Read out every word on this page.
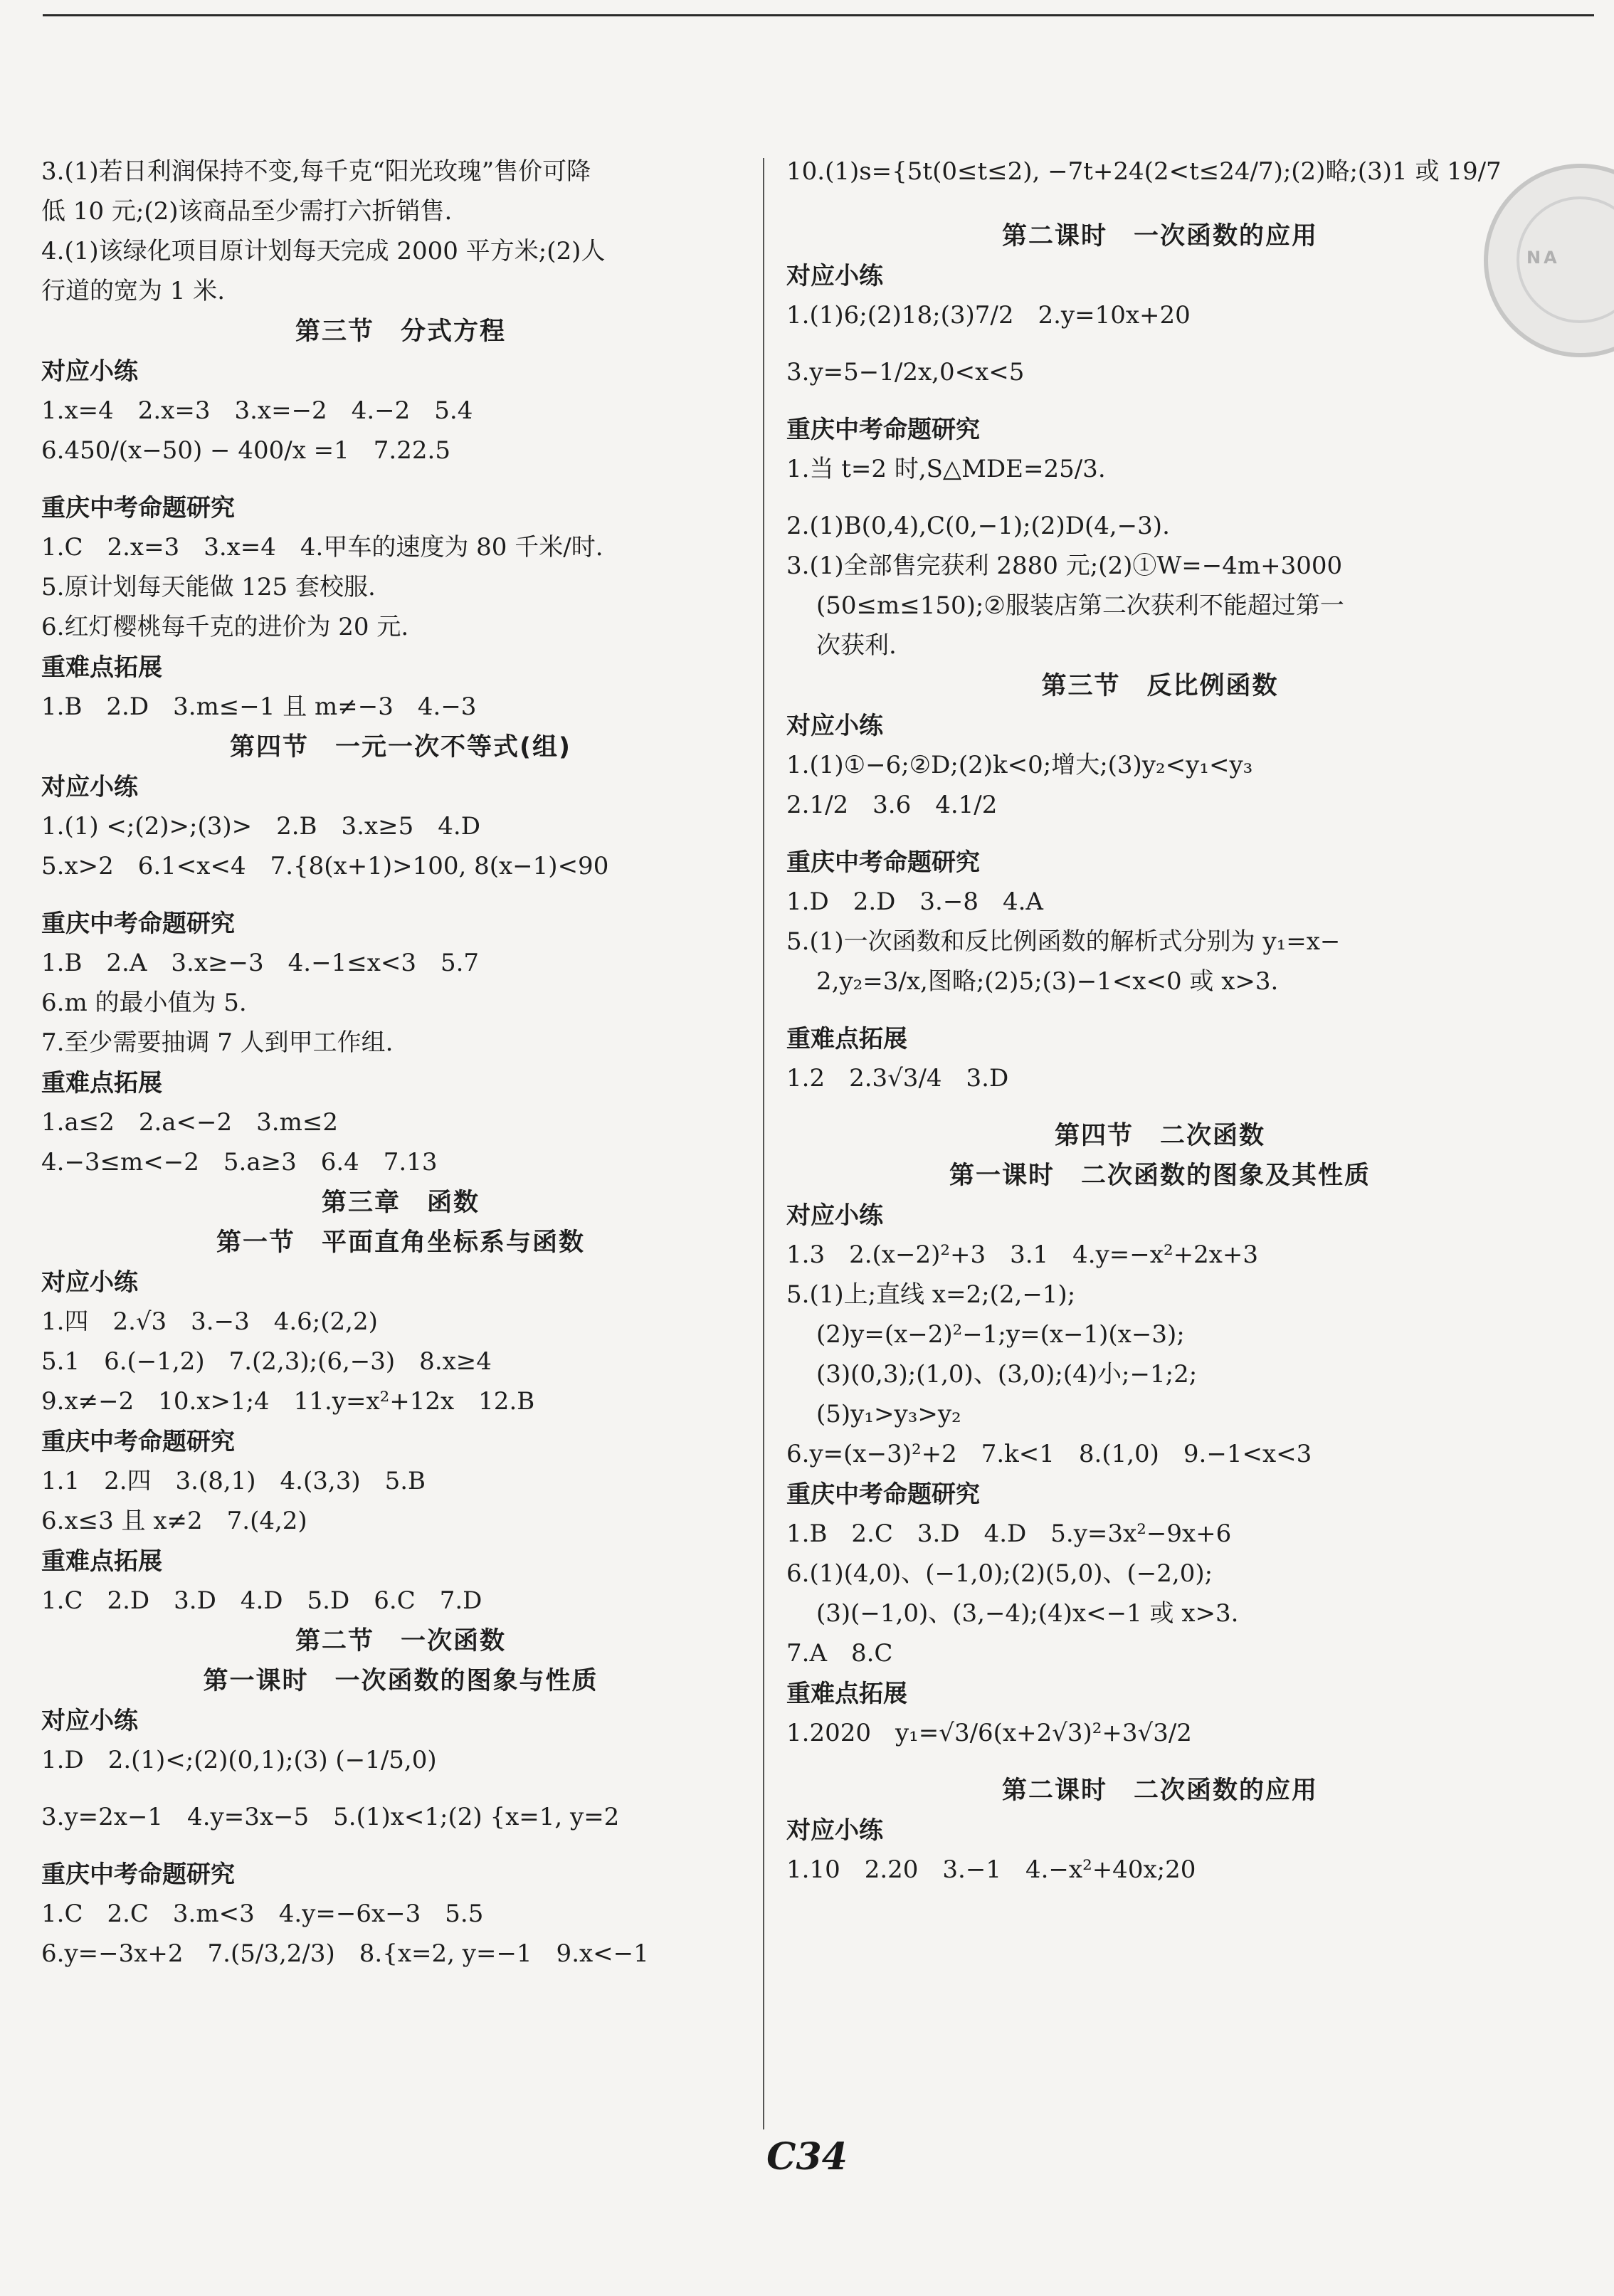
NA
3.(1)若日利润保持不变,每千克“阳光玫瑰”售价可降
低 10 元;(2)该商品至少需打六折销售.
4.(1)该绿化项目原计划每天完成 2000 平方米;(2)人
行道的宽为 1 米.
第三节　分式方程
对应小练
1.x=4　2.x=3　3.x=−2　4.−2　5.4
6.450/(x−50) − 400/x =1　7.22.5
重庆中考命题研究
1.C　2.x=3　3.x=4　4.甲车的速度为 80 千米/时.
5.原计划每天能做 125 套校服.
6.红灯樱桃每千克的进价为 20 元.
重难点拓展
1.B　2.D　3.m≤−1 且 m≠−3　4.−3
第四节　一元一次不等式(组)
对应小练
1.(1) <;(2)>;(3)>　2.B　3.x≥5　4.D
5.x>2　6.1<x<4　7.{8(x+1)>100, 8(x−1)<90
重庆中考命题研究
1.B　2.A　3.x≥−3　4.−1≤x<3　5.7
6.m 的最小值为 5.
7.至少需要抽调 7 人到甲工作组.
重难点拓展
1.a≤2　2.a<−2　3.m≤2
4.−3≤m<−2　5.a≥3　6.4　7.13
第三章　函数
第一节　平面直角坐标系与函数
对应小练
1.四　2.√3　3.−3　4.6;(2,2)
5.1　6.(−1,2)　7.(2,3);(6,−3)　8.x≥4
9.x≠−2　10.x>1;4　11.y=x²+12x　12.B
重庆中考命题研究
1.1　2.四　3.(8,1)　4.(3,3)　5.B
6.x≤3 且 x≠2　7.(4,2)
重难点拓展
1.C　2.D　3.D　4.D　5.D　6.C　7.D
第二节　一次函数
第一课时　一次函数的图象与性质
对应小练
1.D　2.(1)<;(2)(0,1);(3) (−1/5,0)
3.y=2x−1　4.y=3x−5　5.(1)x<1;(2) {x=1, y=2
重庆中考命题研究
1.C　2.C　3.m<3　4.y=−6x−3　5.5
6.y=−3x+2　7.(5/3,2/3)　8.{x=2, y=−1　9.x<−1
10.(1)s={5t(0≤t≤2), −7t+24(2<t≤24/7);(2)略;(3)1 或 19/7
第二课时　一次函数的应用
对应小练
1.(1)6;(2)18;(3)7/2　2.y=10x+20
3.y=5−1/2x,0<x<5
重庆中考命题研究
1.当 t=2 时,S△MDE=25/3.
2.(1)B(0,4),C(0,−1);(2)D(4,−3).
3.(1)全部售完获利 2880 元;(2)①W=−4m+3000
(50≤m≤150);②服装店第二次获利不能超过第一
次获利.
第三节　反比例函数
对应小练
1.(1)①−6;②D;(2)k<0;增大;(3)y₂<y₁<y₃
2.1/2　3.6　4.1/2
重庆中考命题研究
1.D　2.D　3.−8　4.A
5.(1)一次函数和反比例函数的解析式分别为 y₁=x−
2,y₂=3/x,图略;(2)5;(3)−1<x<0 或 x>3.
重难点拓展
1.2　2.3√3/4　3.D
第四节　二次函数
第一课时　二次函数的图象及其性质
对应小练
1.3　2.(x−2)²+3　3.1　4.y=−x²+2x+3
5.(1)上;直线 x=2;(2,−1);
(2)y=(x−2)²−1;y=(x−1)(x−3);
(3)(0,3);(1,0)、(3,0);(4)小;−1;2;
(5)y₁>y₃>y₂
6.y=(x−3)²+2　7.k<1　8.(1,0)　9.−1<x<3
重庆中考命题研究
1.B　2.C　3.D　4.D　5.y=3x²−9x+6
6.(1)(4,0)、(−1,0);(2)(5,0)、(−2,0);
(3)(−1,0)、(3,−4);(4)x<−1 或 x>3.
7.A　8.C
重难点拓展
1.2020　y₁=√3/6(x+2√3)²+3√3/2
第二课时　二次函数的应用
对应小练
1.10　2.20　3.−1　4.−x²+40x;20
C34
